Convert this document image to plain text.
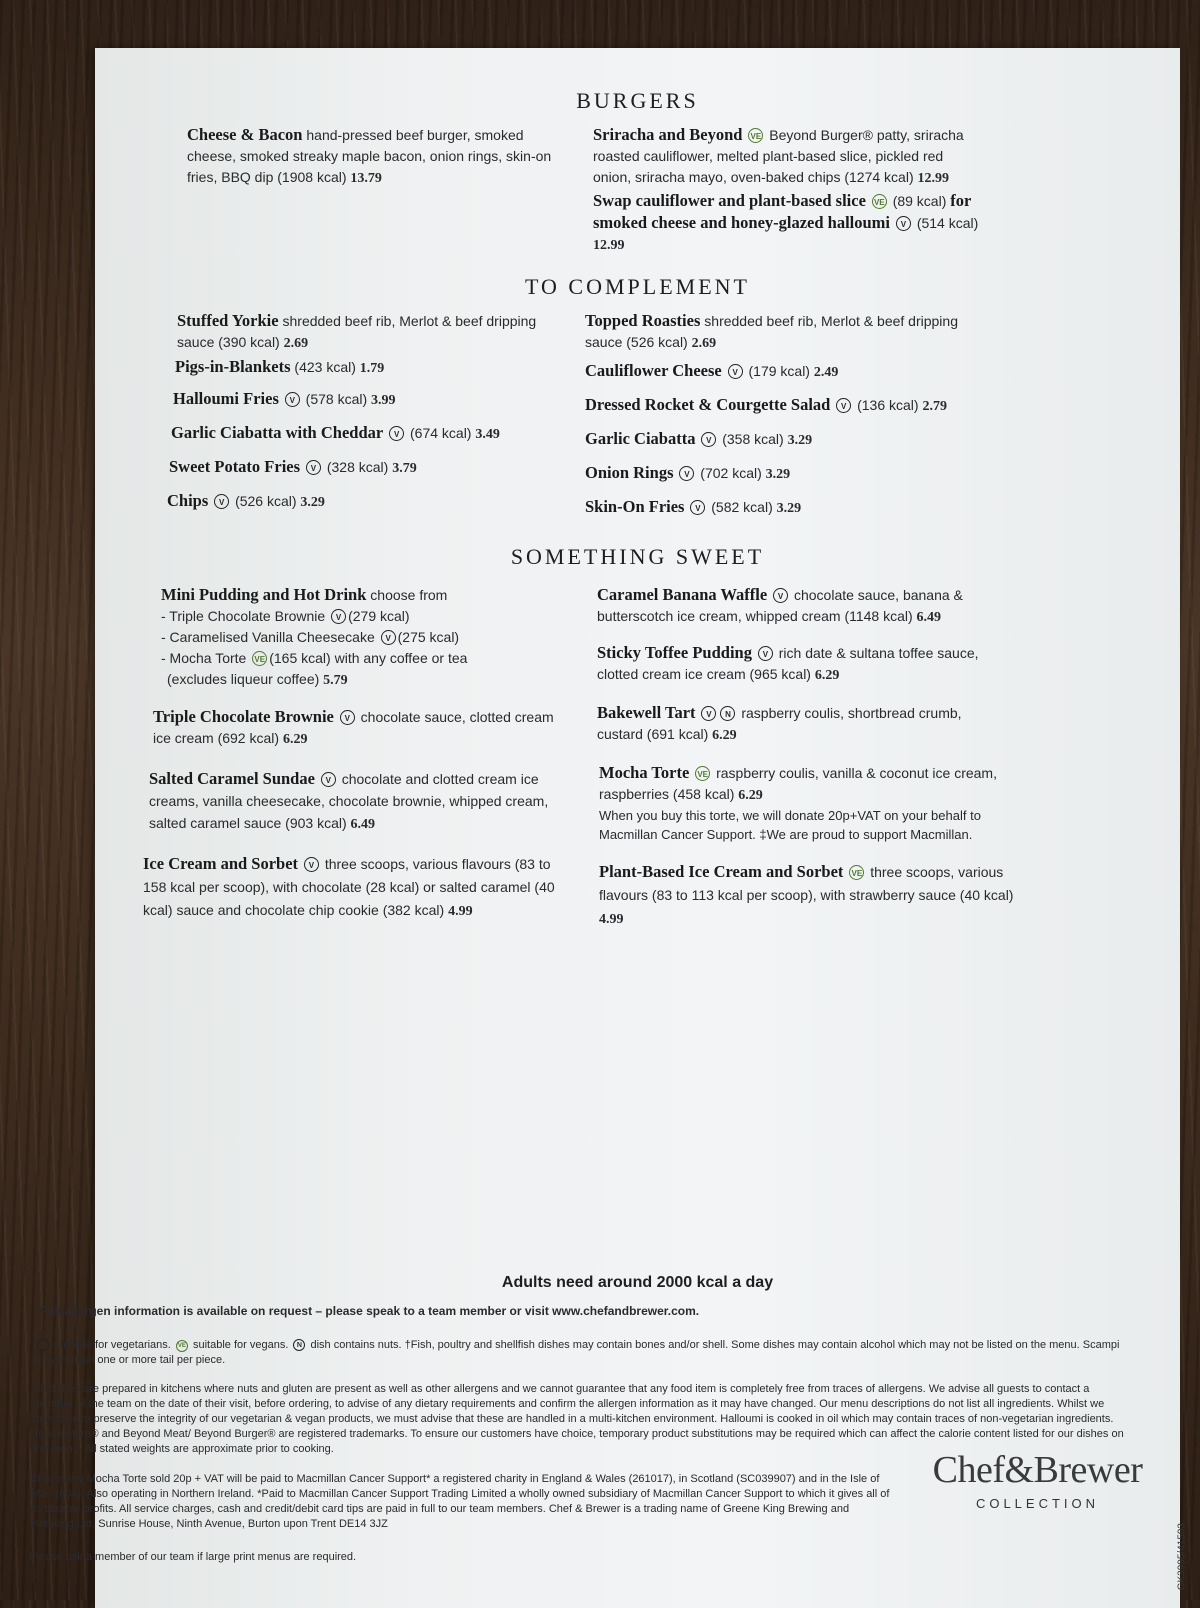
BURGERS
Cheese & Bacon hand-pressed beef burger, smoked cheese, smoked streaky maple bacon, onion rings, skin-on fries, BBQ dip (1908 kcal) 13.79
Sriracha and Beyond VE Beyond Burger® patty, sriracha roasted cauliflower, melted plant-based slice, pickled red onion, sriracha mayo, oven-baked chips (1274 kcal) 12.99
Swap cauliflower and plant-based slice VE (89 kcal) for smoked cheese and honey-glazed halloumi V (514 kcal) 12.99
TO COMPLEMENT
Stuffed Yorkie shredded beef rib, Merlot & beef dripping sauce (390 kcal) 2.69
Pigs-in-Blankets (423 kcal) 1.79
Halloumi Fries V (578 kcal) 3.99
Garlic Ciabatta with Cheddar V (674 kcal) 3.49
Sweet Potato Fries V (328 kcal) 3.79
Chips V (526 kcal) 3.29
Topped Roasties shredded beef rib, Merlot & beef dripping sauce (526 kcal) 2.69
Cauliflower Cheese V (179 kcal) 2.49
Dressed Rocket & Courgette Salad V (136 kcal) 2.79
Garlic Ciabatta V (358 kcal) 3.29
Onion Rings V (702 kcal) 3.29
Skin-On Fries V (582 kcal) 3.29
SOMETHING SWEET
Mini Pudding and Hot Drink choose from
- Triple Chocolate Brownie V (279 kcal)
- Caramelised Vanilla Cheesecake V (275 kcal)
- Mocha Torte VE (165 kcal) with any coffee or tea
(excludes liqueur coffee) 5.79
Triple Chocolate Brownie V chocolate sauce, clotted cream ice cream (692 kcal) 6.29
Salted Caramel Sundae V chocolate and clotted cream ice creams, vanilla cheesecake, chocolate brownie, whipped cream, salted caramel sauce (903 kcal) 6.49
Ice Cream and Sorbet V three scoops, various flavours (83 to 158 kcal per scoop), with chocolate (28 kcal) or salted caramel (40 kcal) sauce and chocolate chip cookie (382 kcal) 4.99
Caramel Banana Waffle V chocolate sauce, banana & butterscotch ice cream, whipped cream (1148 kcal) 6.49
Sticky Toffee Pudding V rich date & sultana toffee sauce, clotted cream ice cream (965 kcal) 6.29
Bakewell Tart V N raspberry coulis, shortbread crumb, custard (691 kcal) 6.29
Mocha Torte VE raspberry coulis, vanilla & coconut ice cream, raspberries (458 kcal) 6.29
When you buy this torte, we will donate 20p+VAT on your behalf to Macmillan Cancer Support. ‡We are proud to support Macmillan.
Plant-Based Ice Cream and Sorbet VE three scoops, various flavours (83 to 113 kcal per scoop), with strawberry sauce (40 kcal) 4.99
Adults need around 2000 kcal a day
Full allergen information is available on request – please speak to a team member or visit www.chefandbrewer.com.
V suitable for vegetarians. VE suitable for vegans. N dish contains nuts. †Fish, poultry and shellfish dishes may contain bones and/or shell. Some dishes may contain alcohol which may not be listed on the menu. Scampi may contain one or more tail per piece.
All dishes are prepared in kitchens where nuts and gluten are present as well as other allergens and we cannot guarantee that any food item is completely free from traces of allergens. We advise all guests to contact a member of the team on the date of their visit, before ordering, to advise of any dietary requirements and confirm the allergen information as it may have changed. Our menu descriptions do not list all ingredients. Whilst we take care to preserve the integrity of our vegetarian & vegan products, we must advise that these are handled in a multi-kitchen environment. Halloumi is cooked in oil which may contain traces of non-vegetarian ingredients. Tenderstem® and Beyond Meat/ Beyond Burger® are registered trademarks. To ensure our customers have choice, temporary product substitutions may be required which can affect the calorie content listed for our dishes on the menu. All stated weights are approximate prior to cooking.
‡For every Mocha Torte sold 20p + VAT will be paid to Macmillan Cancer Support* a registered charity in England & Wales (261017), in Scotland (SC039907) and in the Isle of Man (604). Also operating in Northern Ireland. *Paid to Macmillan Cancer Support Trading Limited a wholly owned subsidiary of Macmillan Cancer Support to which it gives all of its taxable profits. All service charges, cash and credit/debit card tips are paid in full to our team members. Chef & Brewer is a trading name of Greene King Brewing and Retailing Ltd, Sunrise House, Ninth Avenue, Burton upon Trent DE14 3JZ
Please ask a member of our team if large print menus are required.
Chef&Brewer
COLLECTION
GK3995/41593
